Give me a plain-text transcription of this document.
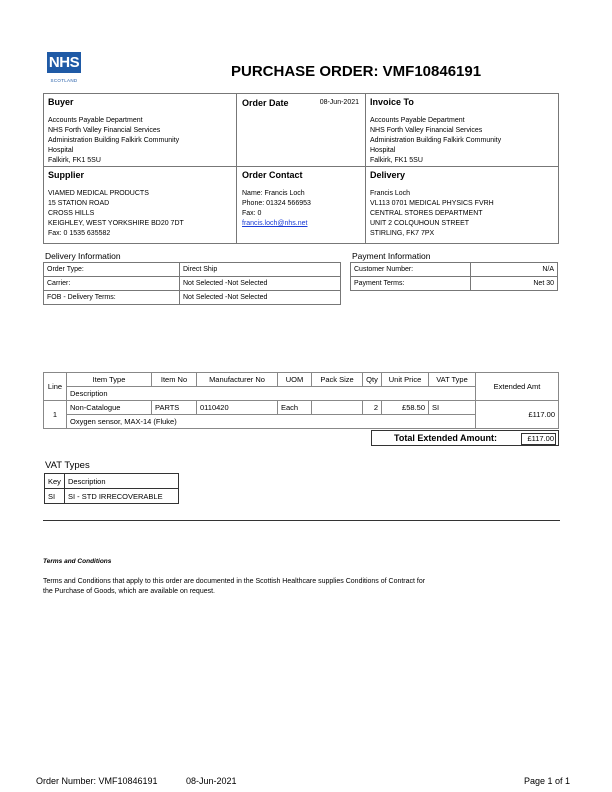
NHS
SCOTLAND
PURCHASE ORDER: VMF10846191
Buyer
Accounts Payable Department
NHS Forth Valley Financial Services
Administration Building Falkirk Community
Hospital
Falkirk, FK1 5SU
Order Date	08-Jun-2021 Invoice To
Accounts Payable Department
NHS Forth Valley Financial Services
Administration Building Falkirk Community
Hospital
Falkirk, FK1 5SU
Supplier
VIAMED MEDICAL PRODUCTS
15 STATION ROAD
CROSS HILLS
KEIGHLEY, WEST YORKSHIRE BD20 7DT
Fax: 0 1535 635582
Order Contact
Name: Francis Loch
Phone: 01324 566953
Fax: 0
francis.loch@nhs.net
Delivery
Francis Loch
VL113 0701 MEDICAL PHYSICS FVRH
CENTRAL STORES DEPARTMENT
UNIT 2 COLQUHOUN STREET
STIRLING, FK7 7PX
Delivery Information
Order Type:	Direct Ship
Carrier:	Not Selected -Not Selected
FOB - Delivery Terms:	Not Selected -Not Selected
Payment Information
Customer Number:	N/A
Payment Terms:	Net 30
Line	Item Type	Item No	Manufacturer No	UOM	Pack Size	Qty	Unit Price	VAT Type	Extended Amt
	Description								
1	Non-Catalogue	PARTS	0110420	Each		2	£58.50	SI	£117.00
	Oxygen sensor, MAX-14 (Fluke)								
Total Extended Amount:	£117.00
VAT Types
Key	Description
SI	SI - STD IRRECOVERABLE
Terms and Conditions
Terms and Conditions that apply to this order are documented in the Scottish Healthcare supplies Conditions of Contract for
the Purchase of Goods, which are available on request.
Order Number: VMF10846191	08-Jun-2021	Page 1 of 1
